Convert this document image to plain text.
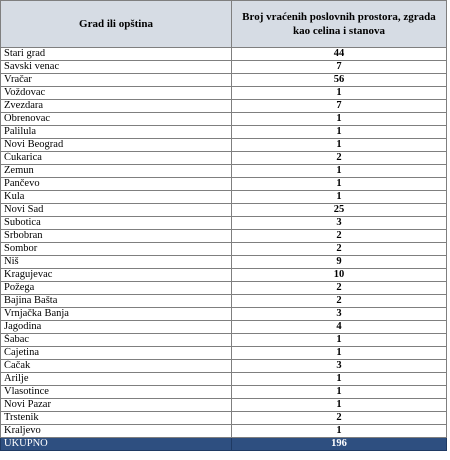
Grad ili opština	Broj vraćenih poslovnih prostora, zgrada kao celina i stanova
Stari grad	44
Savski venac	7
Vračar	56
Voždovac	1
Zvezdara	7
Obrenovac	1
Palilula	1
Novi Beograd	1
Čukarica	2
Zemun	1
Pančevo	1
Kula	1
Novi Sad	25
Subotica	3
Srbobran	2
Sombor	2
Niš	9
Kragujevac	10
Požega	2
Bajina Bašta	2
Vrnjačka Banja	3
Jagodina	4
Šabac	1
Ćajetina	1
Čačak	3
Arilje	1
Vlasotince	1
Novi Pazar	1
Trstenik	2
Kraljevo	1
UKUPNO	196
